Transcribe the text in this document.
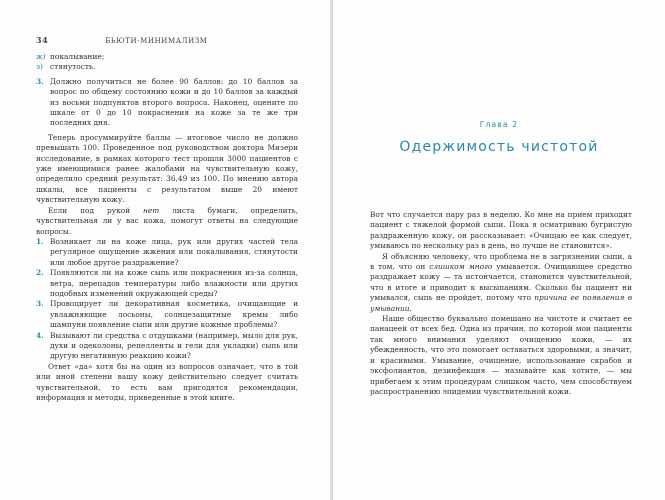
34	БЬЮТИ-МИНИМАЛИЗМ
ж) покалывание;
з) стянутость.
3. Должно получиться не более 90 баллов: до 10 баллов за вопрос по общему состоянию кожи и до 10 баллов за каждый из восьми подпунктов второго вопроса. Наконец, оцените по шкале от 0 до 10 покраснения на коже за те же три последних дня.

Теперь просуммируйте баллы — итоговое число не должно превышать 100. Проведенное под руководством доктора Мизери исследование, в рамках которого тест прошли 3000 пациентов с уже имеющимися ранее жалобами на чувствительную кожу, определило средний результат: 36,49 из 100. По мнению автора шкалы, все пациенты с результатом выше 20 имеют чувствительную кожу.

Если под рукой нет листа бумаги, определить, чувствительная ли у вас кожа, помогут ответы на следующие вопросы.

1. Возникает ли на коже лица, рук или других частей тела регулярное ощущение жжения или покалывания, стянутости или любое другое раздражение?
2. Появляются ли на коже сыпь или покраснения из-за солнца, ветра, перепадов температуры либо влажности или других подобных изменений окружающей среды?
3. Провоцирует ли декоративная косметика, очищающие и увлажняющие лосьоны, солнцезащитные кремы либо шампуни появление сыпи или другие кожные проблемы?
4. Вызывают ли средства с отдушками (например, мыло для рук, духи и одеколоны, репелленты и гели для укладки) сыпь или другую негативную реакцию кожи?

Ответ «да» хотя бы на один из вопросов означает, что в той или иной степени вашу кожу действительно следует считать чувствительной, то есть вам пригодятся рекомендации, информация и методы, приведенные в этой книге.

Глава 2
Одержимость чистотой

Вот что случается пару раз в неделю. Ко мне на прием приходит пациент с тяжелой формой сыпи. Пока я осматриваю бугристую раздраженную кожу, он рассказывает: «Очищаю ее как следует, умываюсь по нескольку раз в день, но лучше не становится».

Я объясняю человеку, что проблема не в загрязнении сыпи, а в том, что он слишком много умывается. Очищающее средство раздражает кожу — та истончается, становится чувствительной, что в итоге и приводит к высыпаниям. Сколько бы пациент ни умывался, сыпь не пройдет, потому что причина ее появления в умывании.

Наше общество буквально помешано на чистоте и считает ее панацеей от всех бед. Одна из причин, по которой мои пациенты так много внимания уделяют очищению кожи, — их убежденность, что это помогает оставаться здоровыми, а значит, и красивыми. Умывание, очищение, использование скрабов и эксфолиантов, дезинфекция — называйте как хотите, — мы прибегаем к этим процедурам слишком часто, чем способствуем распространению эпидемии чувствительной кожи.
